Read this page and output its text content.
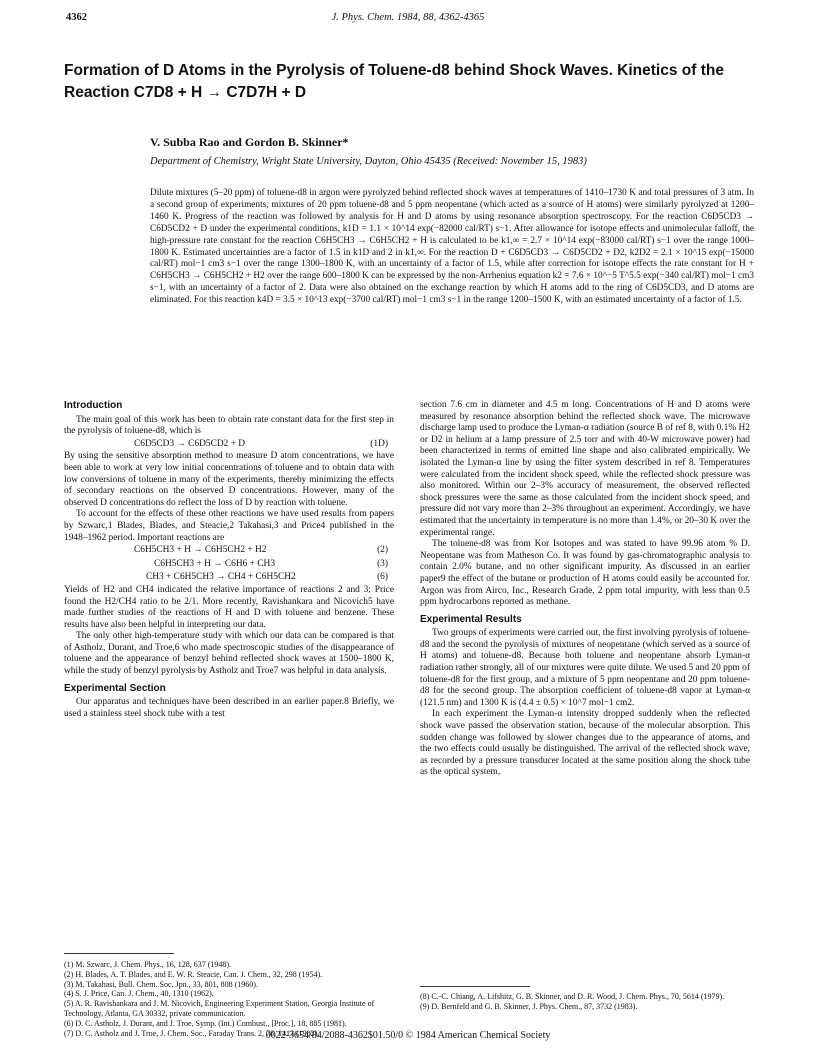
4362	J. Phys. Chem. 1984, 88, 4362-4365
Formation of D Atoms in the Pyrolysis of Toluene-d8 behind Shock Waves. Kinetics of the Reaction C7D8 + H → C7D7H + D
V. Subba Rao and Gordon B. Skinner*
Department of Chemistry, Wright State University, Dayton, Ohio 45435 (Received: November 15, 1983)

Dilute mixtures (5–20 ppm) of toluene-d8 in argon were pyrolyzed behind reflected shock waves at temperatures of 1410–1730 K and total pressures of 3 atm. In a second group of experiments, mixtures of 20 ppm toluene-d8 and 5 ppm neopentane (which acted as a source of H atoms) were similarly pyrolyzed at 1200–1460 K. Progress of the reaction was followed by analysis for H and D atoms by using resonance absorption spectroscopy. For the reaction C6D5CD3 → C6D5CD2 + D under the experimental conditions, k1D = 1.1 × 10^14 exp(−82000 cal/RT) s−1. After allowance for isotope effects and unimolecular falloff, the high-pressure rate constant for the reaction C6H5CH3 → C6H5CH2 + H is calculated to be k1,∞ = 2.7 × 10^14 exp(−83000 cal/RT) s−1 over the range 1000–1800 K. Estimated uncertainties are a factor of 1.5 in k1D and 2 in k1,∞. For the reaction D + C6D5CD3 → C6D5CD2 + D2, k2D2 = 2.1 × 10^15 exp(−15000 cal/RT) mol−1 cm3 s−1 over the range 1300–1800 K, with an uncertainty of a factor of 1.5, while after correction for isotope effects the rate constant for H + C6H5CH3 → C6H5CH2 + H2 over the range 600–1800 K can be expressed by the non-Arrhenius equation k2 = 7.6 × 10^−5 T^5.5 exp(−340 cal/RT) mol−1 cm3 s−1, with an uncertainty of a factor of 2. Data were also obtained on the exchange reaction by which H atoms add to the ring of C6D5CD3, and D atoms are eliminated. For this reaction k4D = 3.5 × 10^13 exp(−3700 cal/RT) mol−1 cm3 s−1 in the range 1200–1500 K, with an estimated uncertainty of a factor of 1.5.

Introduction

The main goal of this work has been to obtain rate constant data for the first step in the pyrolysis of toluene-d8, which is

C6D5CD3 → C6D5CD2 + D	(1D)

By using the sensitive absorption method to measure D atom concentrations, we have been able to work at very low initial concentrations of toluene and to obtain data with low conversions of toluene in many of the experiments, thereby minimizing the effects of secondary reactions on the observed D concentrations. However, many of the observed D concentrations do reflect the loss of D by reaction with toluene.

To account for the effects of these other reactions we have used results from papers by Szwarc,1 Blades, Blades, and Steacie,2 Takahasi,3 and Price4 published in the 1948–1962 period. Important reactions are

C6H5CH3 + H → C6H5CH2 + H2	(2)
C6H5CH3 + H → C6H6 + CH3	(3)
CH3 + C6H5CH3 → CH4 + C6H5CH2	(6)

Yields of H2 and CH4 indicated the relative importance of reactions 2 and 3; Price found the H2/CH4 ratio to be 2/1. More recently, Ravishankara and Nicovich5 have made further studies of the reactions of H and D with toluene and benzene. These results have also been helpful in interpreting our data.

The only other high-temperature study with which our data can be compared is that of Astholz, Durant, and Troe,6 who made spectroscopic studies of the disappearance of toluene and the appearance of benzyl behind reflected shock waves at 1500–1800 K, while the study of benzyl pyrolysis by Astholz and Troe7 was helpful in data analysis.

Experimental Section

Our apparatus and techniques have been described in an earlier paper.8 Briefly, we used a stainless steel shock tube with a test

section 7.6 cm in diameter and 4.5 m long. Concentrations of H and D atoms were measured by resonance absorption behind the reflected shock wave. The microwave discharge lamp used to produce the Lyman-α radiation (source B of ref 8, with 0.1% H2 or D2 in helium at a lamp pressure of 2.5 torr and with 40-W microwave power) had been characterized in terms of emitted line shape and also calibrated empirically. We isolated the Lyman-α line by using the filter system described in ref 8. Temperatures were calculated from the incident shock speed, while the reflected shock pressure was also monitored. Within our 2–3% accuracy of measurement, the observed reflected shock pressures were the same as those calculated from the incident shock speed, and pressure did not vary more than 2–3% throughout an experiment. Accordingly, we have estimated that the uncertainty in temperature is no more than 1.4%, or 20–30 K over the experimental range.

The toluene-d8 was from Kor Isotopes and was stated to have 99.96 atom % D. Neopentane was from Matheson Co. It was found by gas-chromatographic analysis to contain 2.0% butane, and no other significant impurity. As discussed in an earlier paper9 the effect of the butane or production of H atoms could easily be accounted for. Argon was from Airco, Inc., Research Grade, 2 ppm total impurity, with less than 0.5 ppm hydrocarbons reported as methane.

Experimental Results

Two groups of experiments were carried out, the first involving pyrolysis of toluene-d8 and the second the pyrolysis of mixtures of neopentane (which served as a source of H atoms) and toluene-d8. Because both toluene and neopentane absorb Lyman-α radiation rather strongly, all of our mixtures were quite dilute. We used 5 and 20 ppm of toluene-d8 for the first group, and a mixture of 5 ppm neopentane and 20 ppm toluene-d8 for the second group. The absorption coefficient of toluene-d8 vapor at Lyman-α (121.5 nm) and 1300 K is (4.4 ± 0.5) × 10^7 mol−1 cm2.

In each experiment the Lyman-α intensity dropped suddenly when the reflected shock wave passed the observation station, because of the molecular absorption. This sudden change was followed by slower changes due to the appearance of atoms, and the two effects could usually be distinguished. The arrival of the reflected shock wave, as recorded by a pressure transducer located at the same position along the shock tube as the optical system,

(1) M. Szwarc, J. Chem. Phys., 16, 128, 637 (1948).
(2) H. Blades, A. T. Blades, and E. W. R. Steacie, Can. J. Chem., 32, 298 (1954).
(3) M. Takahasi, Bull. Chem. Soc. Jpn., 33, 801, 808 (1960).
(4) S. J. Price, Can. J. Chem., 40, 1310 (1962).
(5) A. R. Ravishankara and J. M. Nicovich, Engineering Experiment Station, Georgia Institute of Technology, Atlanta, GA 30332, private communication.
(6) D. C. Astholz, J. Durant, and J. Troe, Symp. (Int.) Combust., [Proc.], 18, 885 (1981).
(7) D. C. Astholz and J. Troe, J. Chem. Soc., Faraday Trans. 2, 78, 1413 (1982).
(8) C.-C. Chiang, A. Lifshitz, G. B. Skinner, and D. R. Wood, J. Chem. Phys., 70, 5614 (1979).
(9) D. Bernfeld and G. B. Skinner, J. Phys. Chem., 87, 3732 (1983).
0022-3654/84/2088-4362$01.50/0 © 1984 American Chemical Society
